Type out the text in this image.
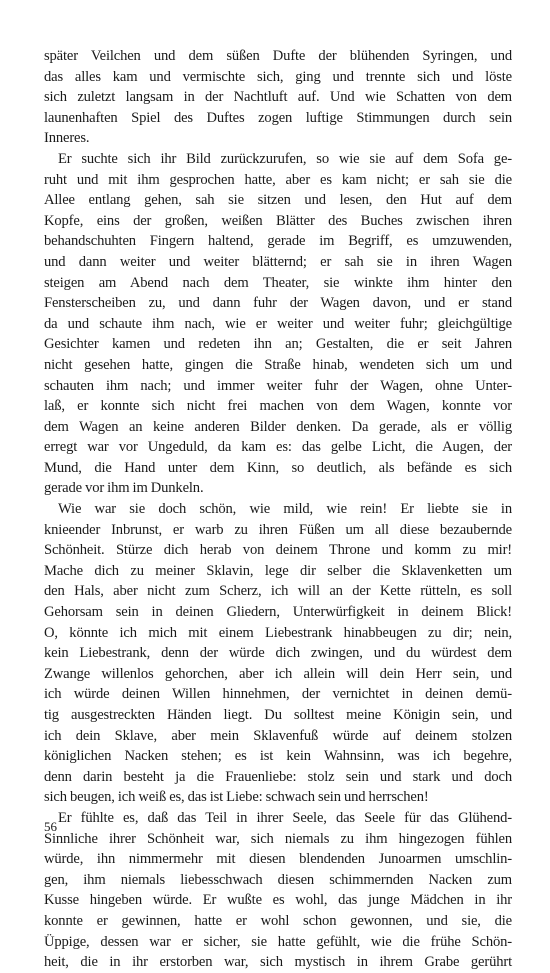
später Veilchen und dem süßen Dufte der blühenden Syringen, und
das alles kam und vermischte sich, ging und trennte sich und löste
sich zuletzt langsam in der Nachtluft auf. Und wie Schatten von dem
launenhaften Spiel des Duftes zogen luftige Stimmungen durch sein
Inneres.
Er suchte sich ihr Bild zurückzurufen, so wie sie auf dem Sofa ge-
ruht und mit ihm gesprochen hatte, aber es kam nicht; er sah sie die
Allee entlang gehen, sah sie sitzen und lesen, den Hut auf dem
Kopfe, eins der großen, weißen Blätter des Buches zwischen ihren
behandschuhten Fingern haltend, gerade im Begriff, es umzuwenden,
und dann weiter und weiter blätternd; er sah sie in ihren Wagen
steigen am Abend nach dem Theater, sie winkte ihm hinter den
Fensterscheiben zu, und dann fuhr der Wagen davon, und er stand
da und schaute ihm nach, wie er weiter und weiter fuhr; gleichgültige
Gesichter kamen und redeten ihn an; Gestalten, die er seit Jahren
nicht gesehen hatte, gingen die Straße hinab, wendeten sich um und
schauten ihm nach; und immer weiter fuhr der Wagen, ohne Unter-
laß, er konnte sich nicht frei machen von dem Wagen, konnte vor
dem Wagen an keine anderen Bilder denken. Da gerade, als er völlig
erregt war vor Ungeduld, da kam es: das gelbe Licht, die Augen, der
Mund, die Hand unter dem Kinn, so deutlich, als befände es sich
gerade vor ihm im Dunkeln.
Wie war sie doch schön, wie mild, wie rein! Er liebte sie in
knieender Inbrunst, er warb zu ihren Füßen um all diese bezaubernde
Schönheit. Stürze dich herab von deinem Throne und komm zu mir!
Mache dich zu meiner Sklavin, lege dir selber die Sklavenketten um
den Hals, aber nicht zum Scherz, ich will an der Kette rütteln, es soll
Gehorsam sein in deinen Gliedern, Unterwürfigkeit in deinem Blick!
O, könnte ich mich mit einem Liebestrank hinabbeugen zu dir; nein,
kein Liebestrank, denn der würde dich zwingen, und du würdest dem
Zwange willenlos gehorchen, aber ich allein will dein Herr sein, und
ich würde deinen Willen hinnehmen, der vernichtet in deinen demü-
tig ausgestreckten Händen liegt. Du solltest meine Königin sein, und
ich dein Sklave, aber mein Sklavenfuß würde auf deinem stolzen
königlichen Nacken stehen; es ist kein Wahnsinn, was ich begehre,
denn darin besteht ja die Frauenliebe: stolz sein und stark und doch
sich beugen, ich weiß es, das ist Liebe: schwach sein und herrschen!
Er fühlte es, daß das Teil in ihrer Seele, das Seele für das Glühend-
Sinnliche ihrer Schönheit war, sich niemals zu ihm hingezogen fühlen
würde, ihn nimmermehr mit diesen blendenden Junoarmen umschlin-
gen, ihm niemals liebesschwach diesen schimmernden Nacken zum
Kusse hingeben würde. Er wußte es wohl, das junge Mädchen in ihr
konnte er gewinnen, hatte er wohl schon gewonnen, und sie, die
Üppige, dessen war er sicher, sie hatte gefühlt, wie die frühe Schön-
heit, die in ihr erstorben war, sich mystisch in ihrem Grabe gerührt
56
